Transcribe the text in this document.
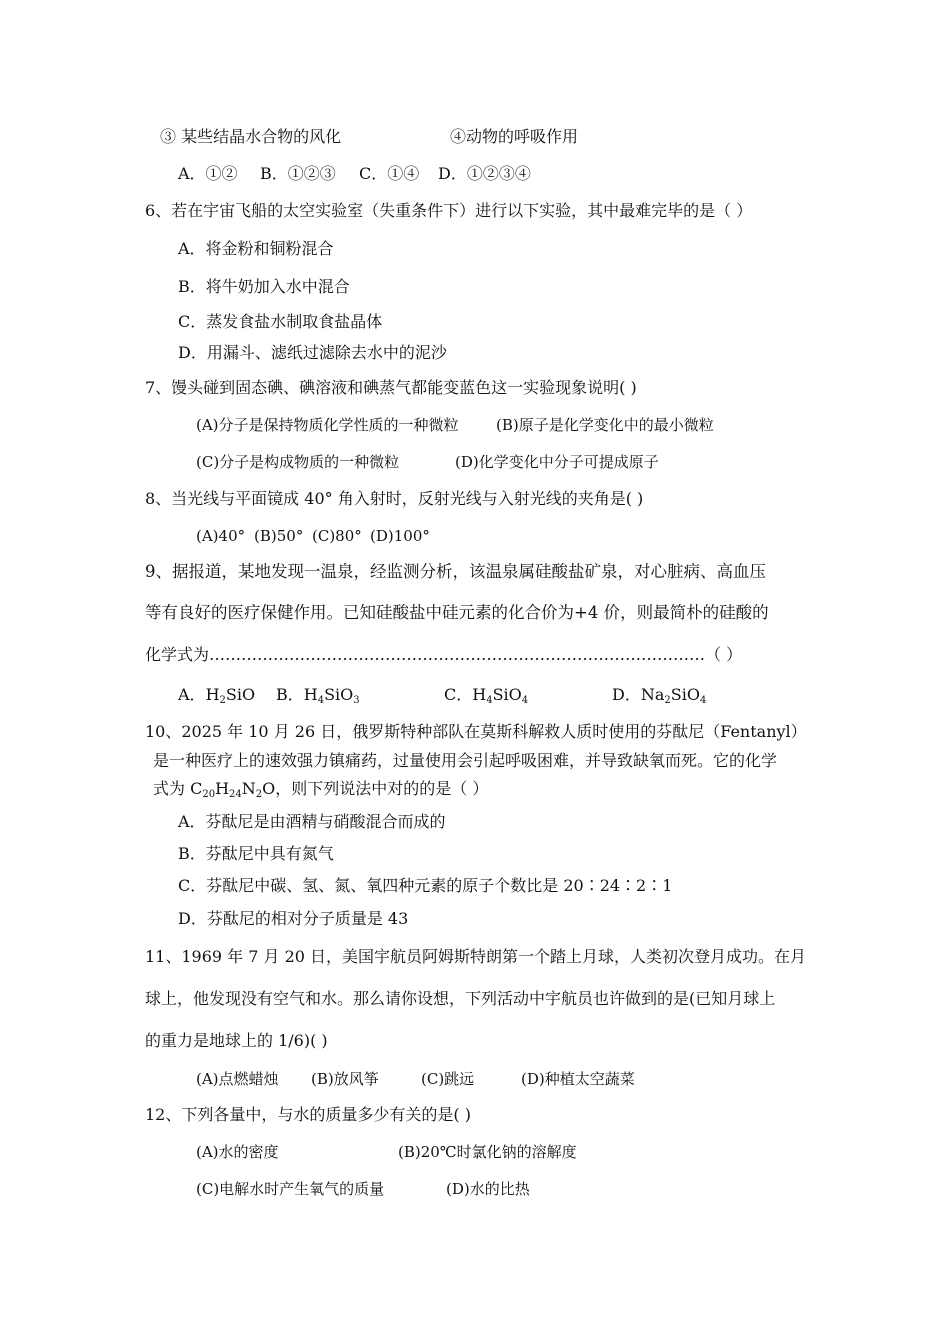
③ 某些结晶水合物的风化	④动物的呼吸作用
A．①② B．①②③ C．①④ D．①②③④
6、若在宇宙飞船的太空实验室（失重条件下）进行以下实验，其中最难完毕的是（ ）
A．将金粉和铜粉混合
B．将牛奶加入水中混合
C．蒸发食盐水制取食盐晶体
D．用漏斗、滤纸过滤除去水中的泥沙
7、馒头碰到固态碘、碘溶液和碘蒸气都能变蓝色这一实验现象说明( )
(A)分子是保持物质化学性质的一种微粒 (B)原子是化学变化中的最小微粒
(C)分子是构成物质的一种微粒	(D)化学变化中分子可提成原子
8、当光线与平面镜成 40° 角入射时，反射光线与入射光线的夹角是( )
(A)40° (B)50° (C)80° (D)100°
9、据报道，某地发现一温泉，经监测分析，该温泉属硅酸盐矿泉，对心脏病、高血压
等有良好的医疗保健作用。已知硅酸盐中硅元素的化合价为+4 价，则最简朴的硅酸的
化学式为…………………………………………………………………………………（ ）
A．$H_2SiO$ B．$H_4SiO_3$	C．$H_4SiO_4$	D．$Na_2SiO_4$
10、2025 年 10 月 26 日，俄罗斯特种部队在莫斯科解救人质时使用的芬酞尼（Fentanyl）
是一种医疗上的速效强力镇痛药，过量使用会引起呼吸困难，并导致缺氧而死。它的化学
式为 $C_{20}H_{24}N_2O$，则下列说法中对的的是（ ）
A．芬酞尼是由酒精与硝酸混合而成的
B．芬酞尼中具有氮气
C．芬酞尼中碳、氢、氮、氧四种元素的原子个数比是 20∶24∶2∶1
D．芬酞尼的相对分子质量是 43
11、1969 年 7 月 20 日，美国宇航员阿姆斯特朗第一个踏上月球，人类初次登月成功。在月
球上，他发现没有空气和水。那么请你设想，下列活动中宇航员也许做到的是(已知月球上
的重力是地球上的 1/6)( )
(A)点燃蜡烛 (B)放风筝	(C)跳远	(D)种植太空蔬菜
12、下列各量中，与水的质量多少有关的是( )
(A)水的密度	(B)20℃时氯化钠的溶解度
(C)电解水时产生氧气的质量	(D)水的比热
